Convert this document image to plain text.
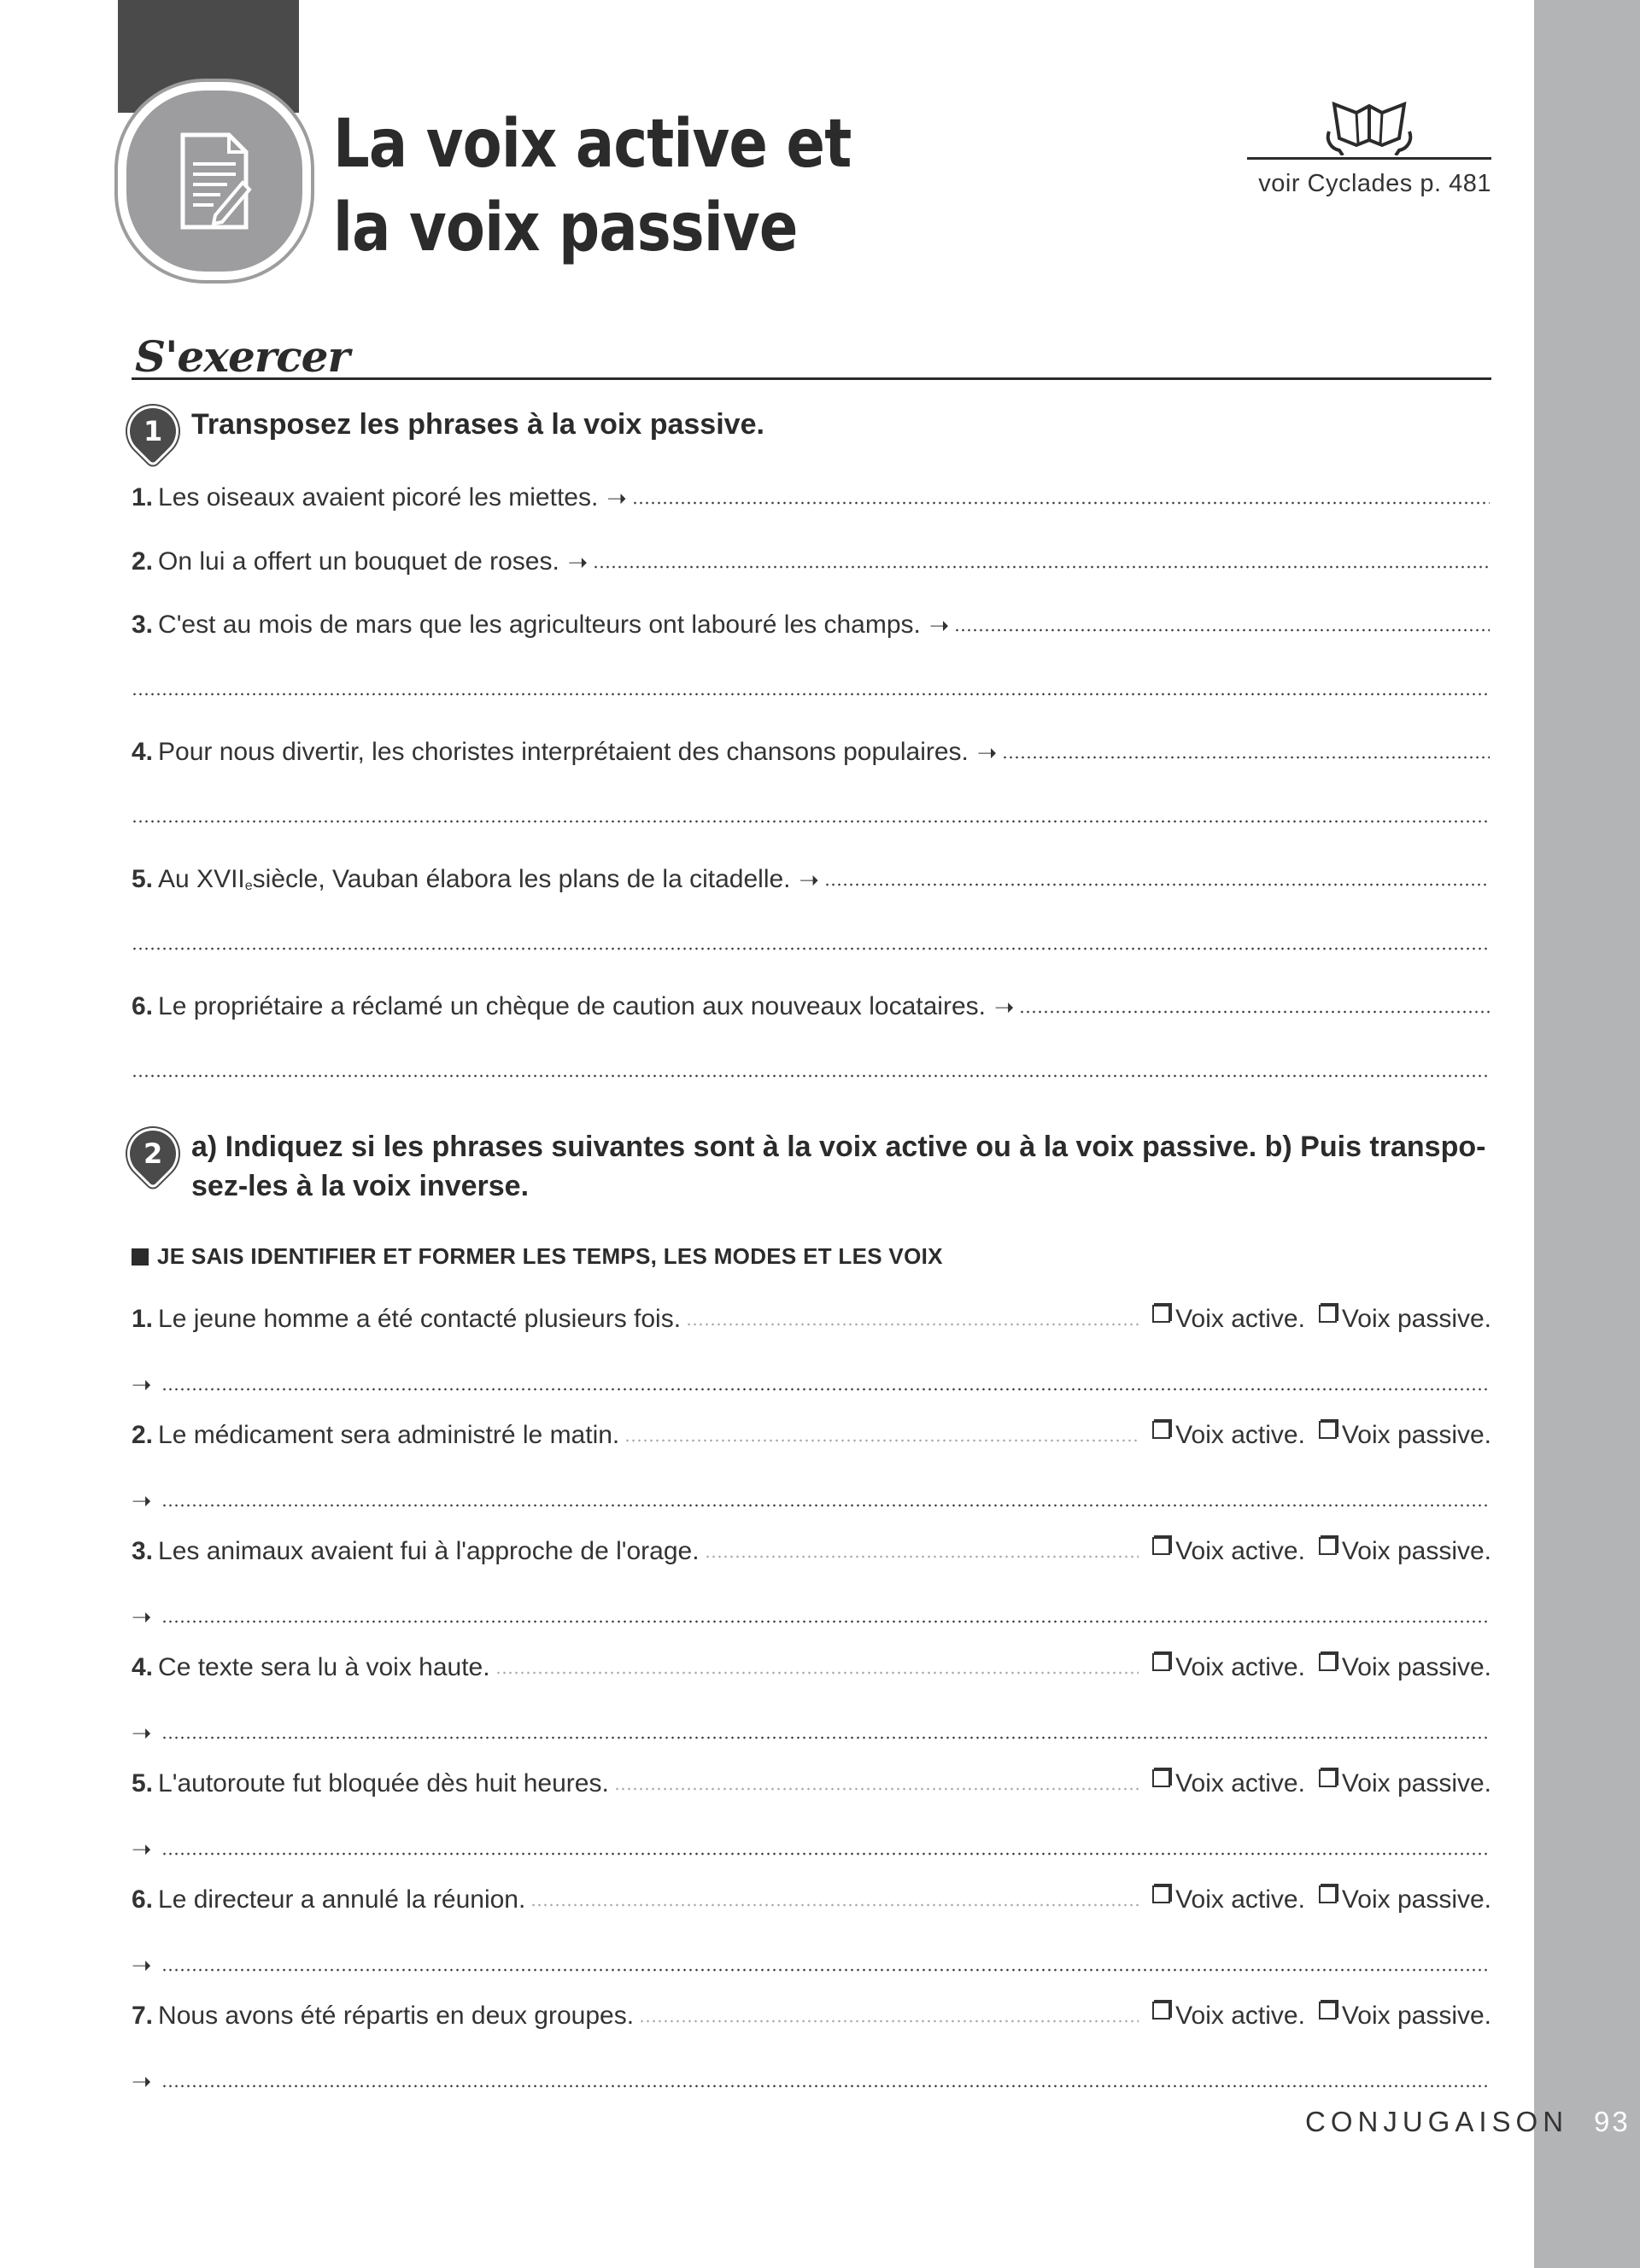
La voix active et
la voix passive
voir Cyclades p. 481
S'exercer
1 Transposez les phrases à la voix passive.
1. Les oiseaux avaient picoré les miettes. ➝
2. On lui a offert un bouquet de roses. ➝
3. C'est au mois de mars que les agriculteurs ont labouré les champs. ➝
4. Pour nous divertir, les choristes interprétaient des chansons populaires. ➝
5. Au XVII e siècle, Vauban élabora les plans de la citadelle. ➝
6. Le propriétaire a réclamé un chèque de caution aux nouveaux locataires. ➝
2 a) Indiquez si les phrases suivantes sont à la voix active ou à la voix passive. b) Puis transpo-
sez-les à la voix inverse.
JE SAIS IDENTIFIER ET FORMER LES TEMPS, LES MODES ET LES VOIX
1. Le jeune homme a été contacté plusieurs fois.	Voix active.	Voix passive.
➝
2. Le médicament sera administré le matin.	Voix active.	Voix passive.
➝
3. Les animaux avaient fui à l'approche de l'orage.	Voix active.	Voix passive.
➝
4. Ce texte sera lu à voix haute.	Voix active.	Voix passive.
➝
5. L'autoroute fut bloquée dès huit heures.	Voix active.	Voix passive.
➝
6. Le directeur a annulé la réunion.	Voix active.	Voix passive.
➝
7. Nous avons été répartis en deux groupes.	Voix active.	Voix passive.
➝
CONJUGAISON 93
